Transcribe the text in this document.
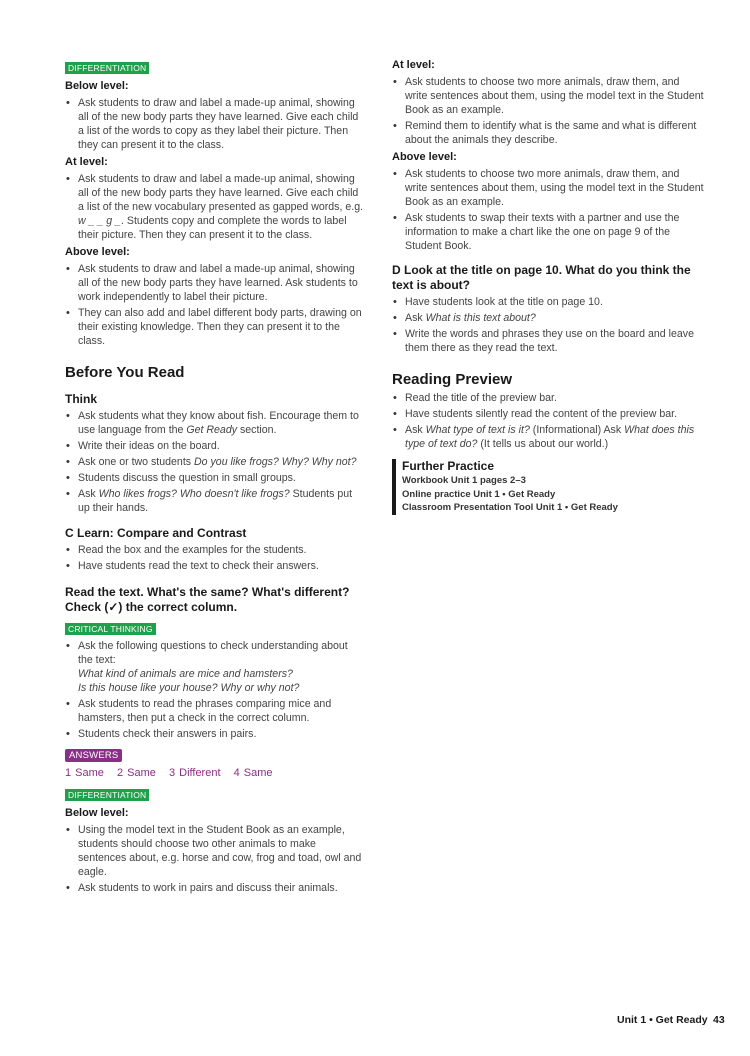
DIFFERENTIATION
Below level:
• Ask students to draw and label a made-up animal, showing all of the new body parts they have learned. Give each child a list of the words to copy as they label their picture. Then they can present it to the class.
At level:
• Ask students to draw and label a made-up animal, showing all of the new body parts they have learned. Give each child a list of the new vocabulary presented as gapped words, e.g. w _ _ g _. Students copy and complete the words to label their picture. Then they can present it to the class.
Above level:
• Ask students to draw and label a made-up animal, showing all of the new body parts they have learned. Ask students to work independently to label their picture.
• They can also add and label different body parts, drawing on their existing knowledge. Then they can present it to the class.
Before You Read
Think
• Ask students what they know about fish. Encourage them to use language from the Get Ready section.
• Write their ideas on the board.
• Ask one or two students Do you like frogs? Why? Why not?
• Students discuss the question in small groups.
• Ask Who likes frogs? Who doesn't like frogs? Students put up their hands.
C Learn: Compare and Contrast
• Read the box and the examples for the students.
• Have students read the text to check their answers.
Read the text. What's the same? What's different? Check (✓) the correct column.
CRITICAL THINKING
• Ask the following questions to check understanding about the text:
What kind of animals are mice and hamsters?
Is this house like your house? Why or why not?
• Ask students to read the phrases comparing mice and hamsters, then put a check in the correct column.
• Students check their answers in pairs.
ANSWERS
1 Same 2 Same 3 Different 4 Same
DIFFERENTIATION
Below level:
• Using the model text in the Student Book as an example, students should choose two other animals to make sentences about, e.g. horse and cow, frog and toad, owl and eagle.
• Ask students to work in pairs and discuss their animals.
At level:
• Ask students to choose two more animals, draw them, and write sentences about them, using the model text in the Student Book as an example.
• Remind them to identify what is the same and what is different about the animals they describe.
Above level:
• Ask students to choose two more animals, draw them, and write sentences about them, using the model text in the Student Book as an example.
• Ask students to swap their texts with a partner and use the information to make a chart like the one on page 9 of the Student Book.
D Look at the title on page 10. What do you think the text is about?
• Have students look at the title on page 10.
• Ask What is this text about?
• Write the words and phrases they use on the board and leave them there as they read the text.
Reading Preview
• Read the title of the preview bar.
• Have students silently read the content of the preview bar.
• Ask What type of text is it? (Informational) Ask What does this type of text do? (It tells us about our world.)
Further Practice
Workbook Unit 1 pages 2–3
Online practice Unit 1 • Get Ready
Classroom Presentation Tool Unit 1 • Get Ready
Unit 1 • Get Ready 43
